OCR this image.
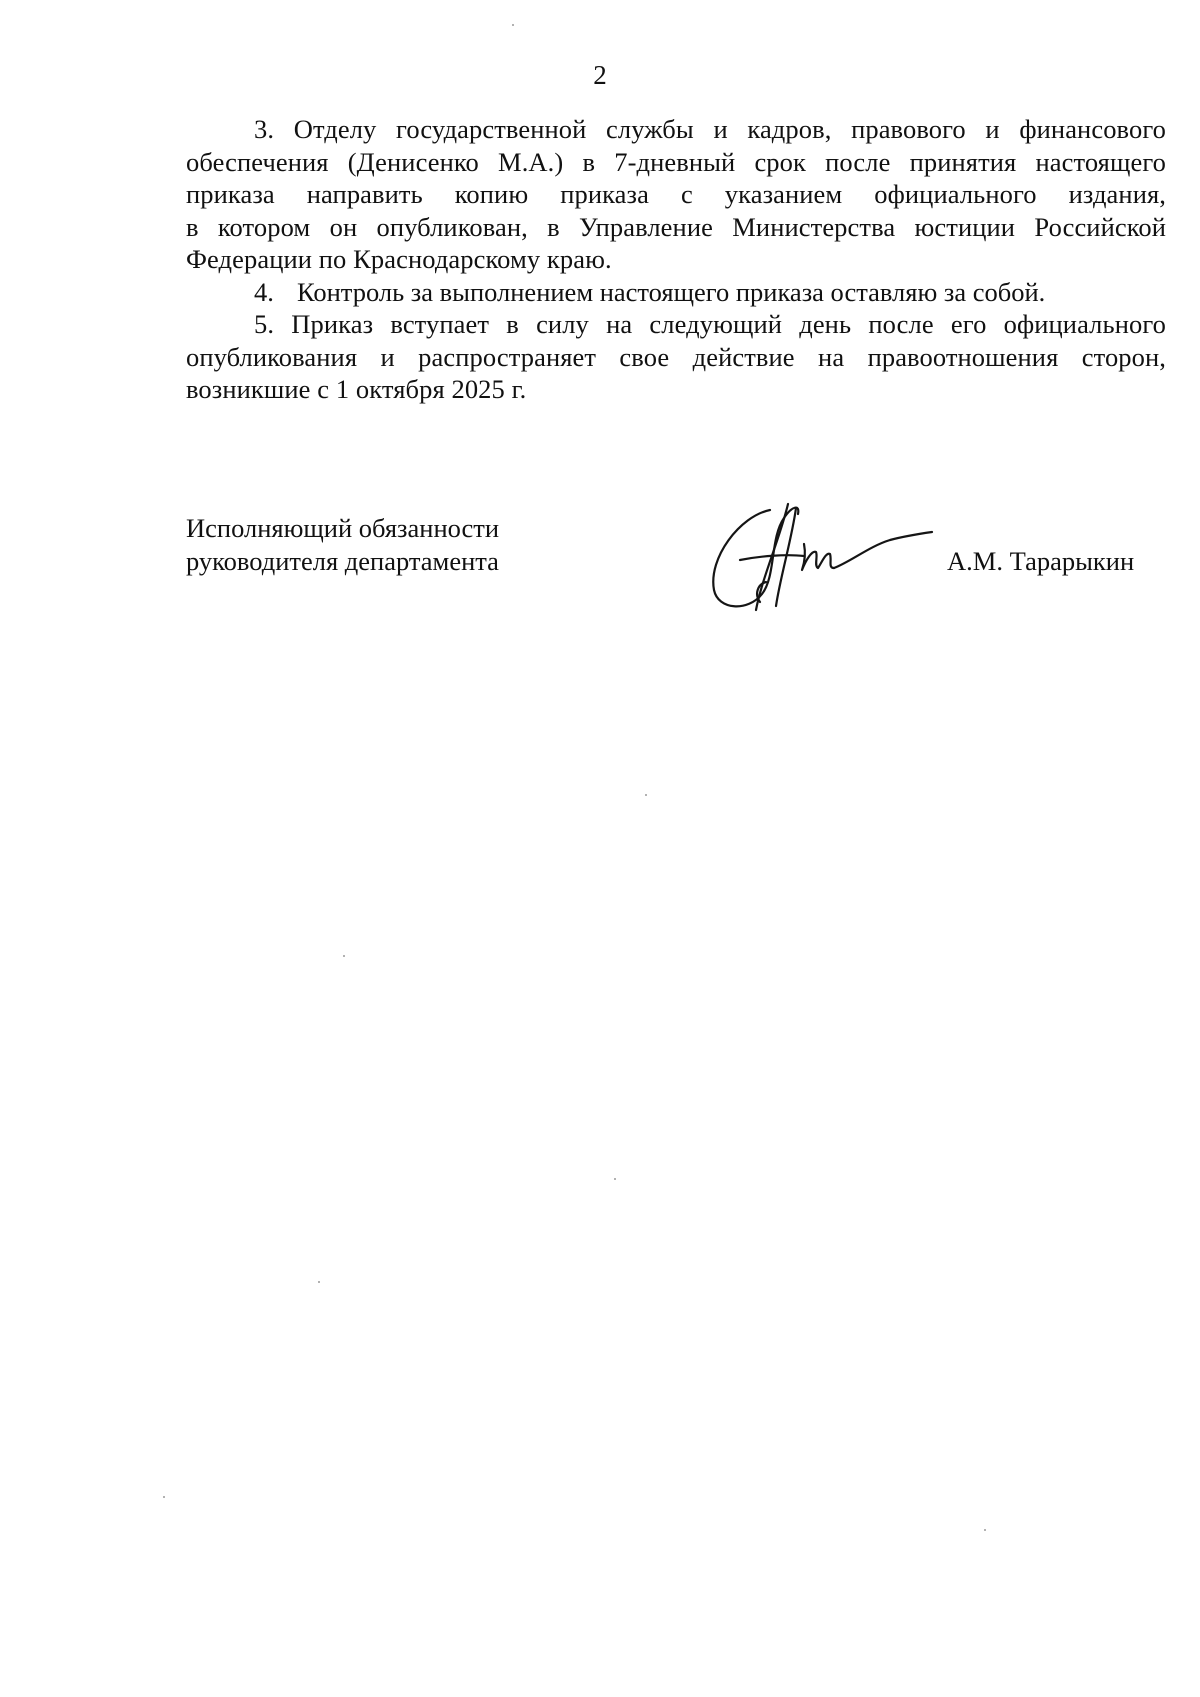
2

3. Отделу государственной службы и кадров, правового и финансового
обеспечения (Денисенко М.А.) в 7-дневный срок после принятия настоящего
приказа направить копию приказа с указанием официального издания,
в котором он опубликован, в Управление Министерства юстиции Российской
Федерации по Краснодарскому краю.

4. Контроль за выполнением настоящего приказа оставляю за собой.

5. Приказ вступает в силу на следующий день после его официального
опубликования и распространяет свое действие на правоотношения сторон,
возникшие с 1 октября 2025 г.

Исполняющий обязанности
руководителя департамента	А.М. Тарарыкин
